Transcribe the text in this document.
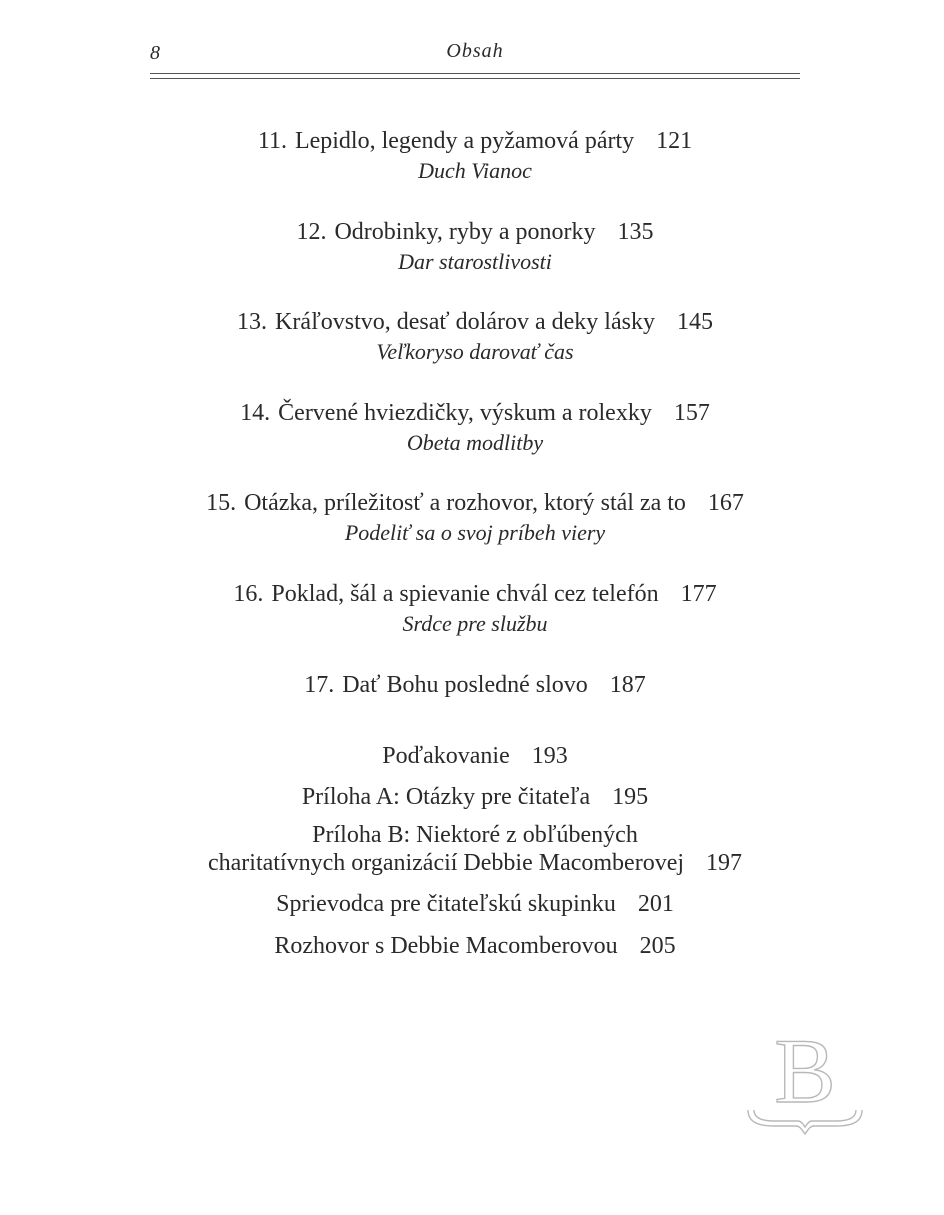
8	Obsah
11. Lepidlo, legendy a pyžamová párty 121
Duch Vianoc
12. Odrobinky, ryby a ponorky 135
Dar starostlivosti
13. Kráľovstvo, desať dolárov a deky lásky 145
Veľkoryso darovať čas
14. Červené hviezdičky, výskum a rolexky 157
Obeta modlitby
15. Otázka, príležitosť a rozhovor, ktorý stál za to 167
Podeliť sa o svoj príbeh viery
16. Poklad, šál a spievanie chvál cez telefón 177
Srdce pre službu
17. Dať Bohu posledné slovo 187
Poďakovanie 193
Príloha A: Otázky pre čitateľa 195
Príloha B: Niektoré z obľúbených
charitatívnych organizácií Debbie Macomberovej 197
Sprievodca pre čitateľskú skupinku 201
Rozhovor s Debbie Macomberovou 205
B
